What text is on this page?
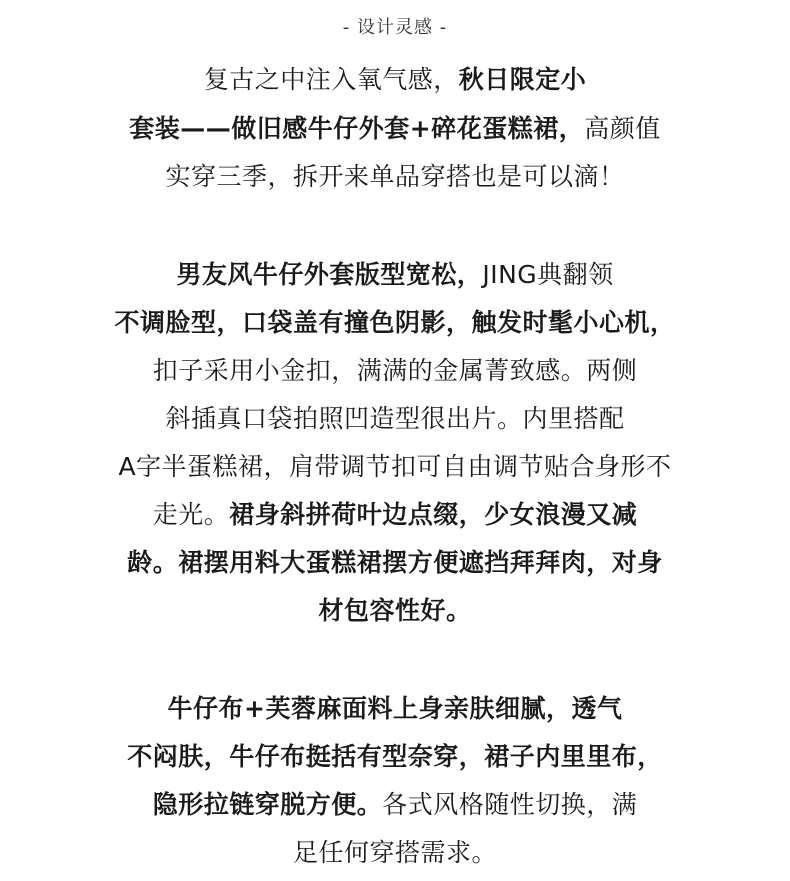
- 设计灵感 -
复古之中注入氧气感，秋日限定小
套装——做旧感牛仔外套+碎花蛋糕裙，高颜值
实穿三季，拆开来单品穿搭也是可以滴！
男友风牛仔外套版型宽松，JING典翻领
不调脸型，口袋盖有撞色阴影，触发时髦小心机，
扣子采用小金扣，满满的金属菁致感。两侧
斜插真口袋拍照凹造型很出片。内里搭配
A字半蛋糕裙，肩带调节扣可自由调节贴合身形不
走光。裙身斜拼荷叶边点缀，少女浪漫又减
龄。裙摆用料大蛋糕裙摆方便遮挡拜拜肉，对身
材包容性好。
牛仔布+芙蓉麻面料上身亲肤细腻，透气
不闷肤，牛仔布挺括有型奈穿，裙子内里里布，
隐形拉链穿脱方便。各式风格随性切换，满
足任何穿搭需求。
